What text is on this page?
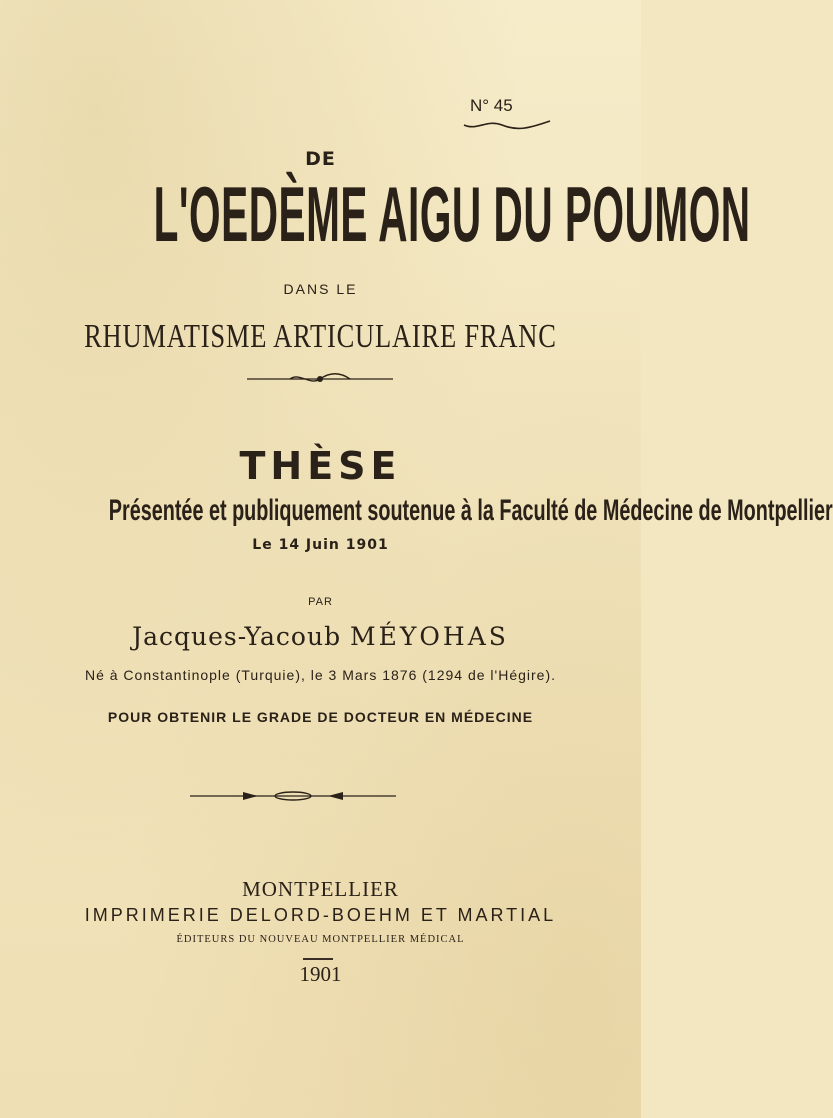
N° 45
DE
L'OEDÈME AIGU DU POUMON
DANS LE
RHUMATISME ARTICULAIRE FRANC
THÈSE
Présentée et publiquement soutenue à la Faculté de Médecine de Montpellier
Le 14 Juin 1901
PAR
Jacques-Yacoub MÉYOHAS
Né à Constantinople (Turquie), le 3 Mars 1876 (1294 de l'Hégire).
POUR OBTENIR LE GRADE DE DOCTEUR EN MÉDECINE
MONTPELLIER
IMPRIMERIE DELORD-BOEHM ET MARTIAL
ÉDITEURS DU NOUVEAU MONTPELLIER MÉDICAL
1901
